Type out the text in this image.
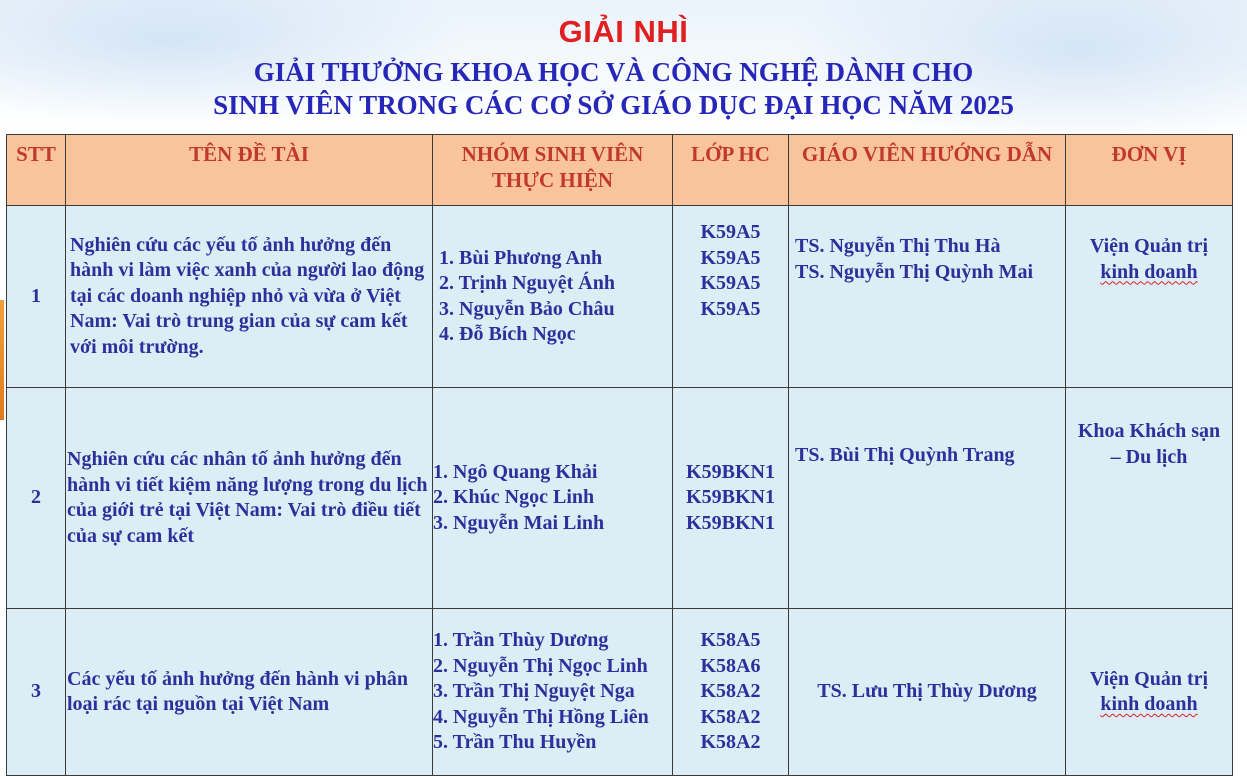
GIẢI NHÌ
GIẢI THƯỞNG KHOA HỌC VÀ CÔNG NGHỆ DÀNH CHO
SINH VIÊN TRONG CÁC CƠ SỞ GIÁO DỤC ĐẠI HỌC NĂM 2025
STT	TÊN ĐỀ TÀI	NHÓM SINH VIÊN
THỰC HIỆN	LỚP HC	GIÁO VIÊN HƯỚNG DẪN	ĐƠN VỊ
1	Nghiên cứu các yếu tố ảnh hưởng đến hành vi làm việc xanh của người lao động tại các doanh nghiệp nhỏ và vừa ở Việt Nam: Vai trò trung gian của sự cam kết với môi trường.	1. Bùi Phương Anh
2. Trịnh Nguyệt Ánh
3. Nguyễn Bảo Châu
4. Đỗ Bích Ngọc	K59A5
K59A5
K59A5
K59A5	TS. Nguyễn Thị Thu Hà
TS. Nguyễn Thị Quỳnh Mai	Viện Quản trị
kinh doanh

2	Nghiên cứu các nhân tố ảnh hưởng đến hành vi tiết kiệm năng lượng trong du lịch của giới trẻ tại Việt Nam: Vai trò điều tiết của sự cam kết	1. Ngô Quang Khải
2. Khúc Ngọc Linh
3. Nguyễn Mai Linh	K59BKN1
K59BKN1
K59BKN1	TS. Bùi Thị Quỳnh Trang	Khoa Khách sạn
– Du lịch

3	Các yếu tố ảnh hưởng đến hành vi phân loại rác tại nguồn tại Việt Nam	1. Trần Thùy Dương
2. Nguyễn Thị Ngọc Linh
3. Trần Thị Nguyệt Nga
4. Nguyễn Thị Hồng Liên
5. Trần Thu Huyền	K58A5
K58A6
K58A2
K58A2
K58A2	TS. Lưu Thị Thùy Dương	Viện Quản trị
kinh doanh
